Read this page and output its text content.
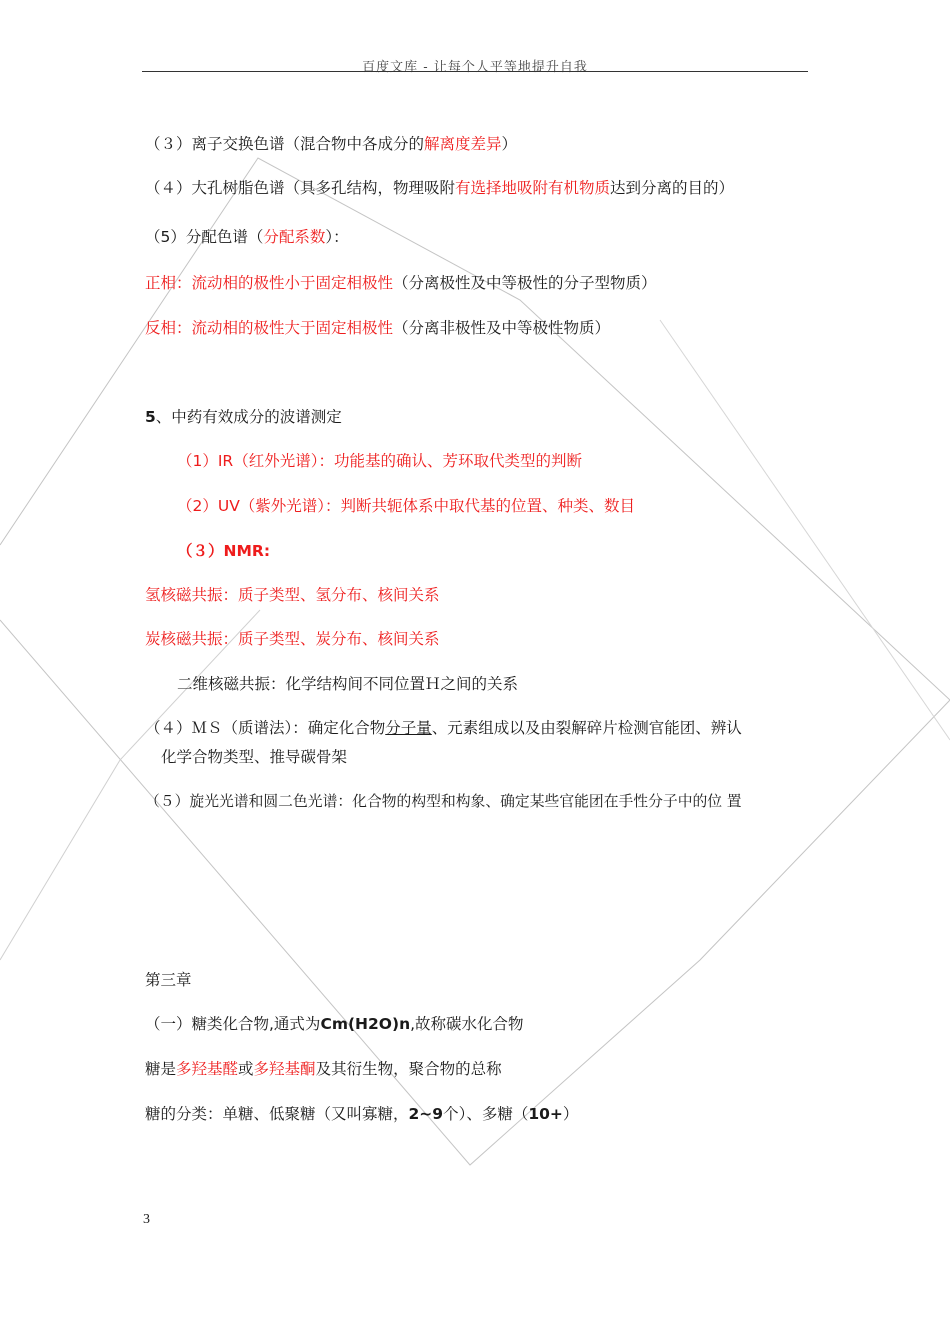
百度文库 - 让每个人平等地提升自我
（３）离子交换色谱（混合物中各成分的解离度差异）
（４）大孔树脂色谱（具多孔结构，物理吸附有选择地吸附有机物质达到分离的目的）
（5）分配色谱（分配系数）：
正相：流动相的极性小于固定相极性（分离极性及中等极性的分子型物质）
反相：流动相的极性大于固定相极性（分离非极性及中等极性物质）
5、中药有效成分的波谱测定
（1）IR（红外光谱）：功能基的确认、芳环取代类型的判断
（2）UV（紫外光谱）：判断共轭体系中取代基的位置、种类、数目
（３）NMR:
氢核磁共振：质子类型、氢分布、核间关系
炭核磁共振：质子类型、炭分布、核间关系
二维核磁共振：化学结构间不同位置Ｈ之间的关系
（４）ＭＳ（质谱法）：确定化合物分子量、元素组成以及由裂解碎片检测官能团、辨认
化学合物类型、推导碳骨架
（５）旋光光谱和圆二色光谱：化合物的构型和构象、确定某些官能团在手性分子中的位 置
第三章
（一）糖类化合物,通式为Cm(H2O)n,故称碳水化合物
糖是多羟基醛或多羟基酮及其衍生物，聚合物的总称
糖的分类：单糖、低聚糖（又叫寡糖，2~9个）、多糖（10+）
3
